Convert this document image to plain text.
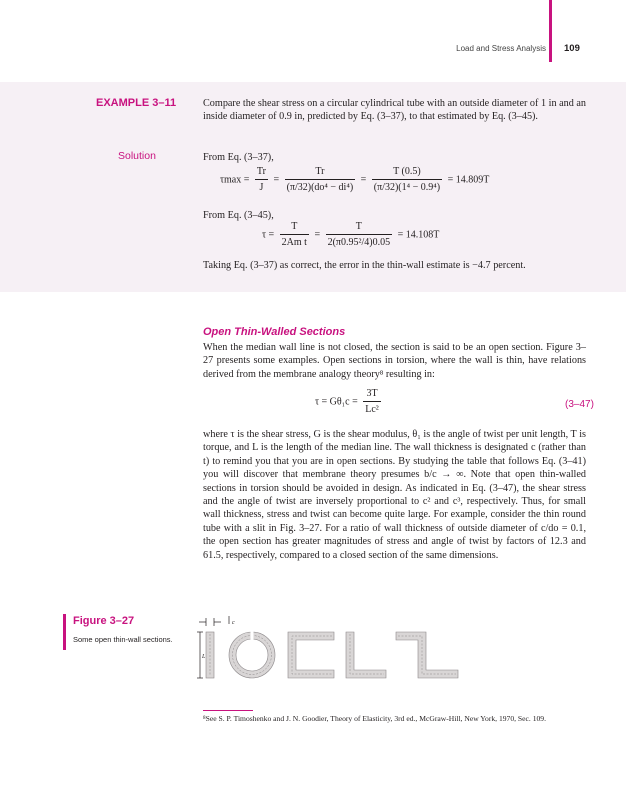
Load and Stress Analysis 109
EXAMPLE 3–11	Compare the shear stress on a circular cylindrical tube with an outside diameter of 1 in and an inside diameter of 0.9 in, predicted by Eq. (3–37), to that estimated by Eq. (3–45).
Solution	From Eq. (3–37),
$\tau\max = \frac{Tr}{J} = \frac{Tr}{\text{(π/32)(do⁴ − di⁴)}} = \frac{T (0.5)}{\text{(π/32)(1⁴ − 0.9⁴)}} = 14.809T$
From Eq. (3–45),
$\tau = \frac{T}{\text{2Am t}} = \frac{T}{\text{2(π0.95²/4)0.05}} = 14.108T$
Taking Eq. (3–37) as correct, the error in the thin-wall estimate is −4.7 percent.
Open Thin-Walled Sections
When the median wall line is not closed, the section is said to be an open section. Figure 3–27 presents some examples. Open sections in torsion, where the wall is thin, have relations derived from the membrane analogy theory⁸ resulting in:
$\tau = G\theta_1c = \frac{3T}{\text{Lc²}}$	(3–47)
where τ is the shear stress, G is the shear modulus, θ₁ is the angle of twist per unit length, T is torque, and L is the length of the median line. The wall thickness is designated c (rather than t) to remind you that you are in open sections. By studying the table that follows Eq. (3–41) you will discover that membrane theory presumes b/c → ∞. Note that open thin-walled sections in torsion should be avoided in design. As indicated in Eq. (3–47), the shear stress and the angle of twist are inversely proportional to c² and c³, respectively. Thus, for small wall thickness, stress and twist can become quite large. For example, consider the thin round tube with a slit in Fig. 3–27. For a ratio of wall thickness of outside diameter of c/do = 0.1, the open section has greater magnitudes of stress and angle of twist by factors of 12.3 and 61.5, respectively, compared to a closed section of the same dimensions.
Figure 3–27
Some open thin-wall sections.
c
L
⁸See S. P. Timoshenko and J. N. Goodier, Theory of Elasticity, 3rd ed., McGraw-Hill, New York, 1970, Sec. 109.
